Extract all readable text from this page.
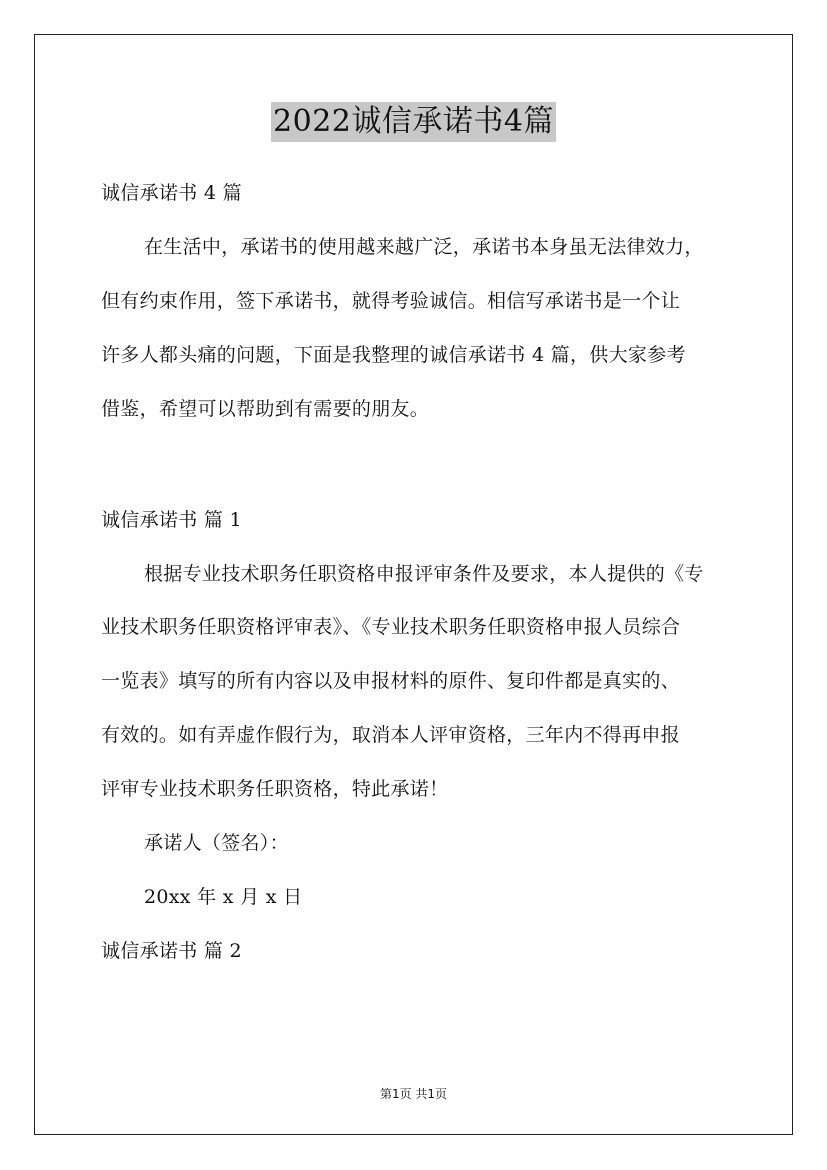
2022诚信承诺书4篇
诚信承诺书 4 篇
在生活中，承诺书的使用越来越广泛，承诺书本身虽无法律效力，
但有约束作用，签下承诺书，就得考验诚信。相信写承诺书是一个让
许多人都头痛的问题，下面是我整理的诚信承诺书 4 篇，供大家参考
借鉴，希望可以帮助到有需要的朋友。
诚信承诺书 篇 1
根据专业技术职务任职资格申报评审条件及要求，本人提供的《专
业技术职务任职资格评审表》、《专业技术职务任职资格申报人员综合
一览表》填写的所有内容以及申报材料的原件、复印件都是真实的、
有效的。如有弄虚作假行为，取消本人评审资格，三年内不得再申报
评审专业技术职务任职资格，特此承诺！
承诺人（签名）：
20xx 年 x 月 x 日
诚信承诺书 篇 2
第1页 共1页
